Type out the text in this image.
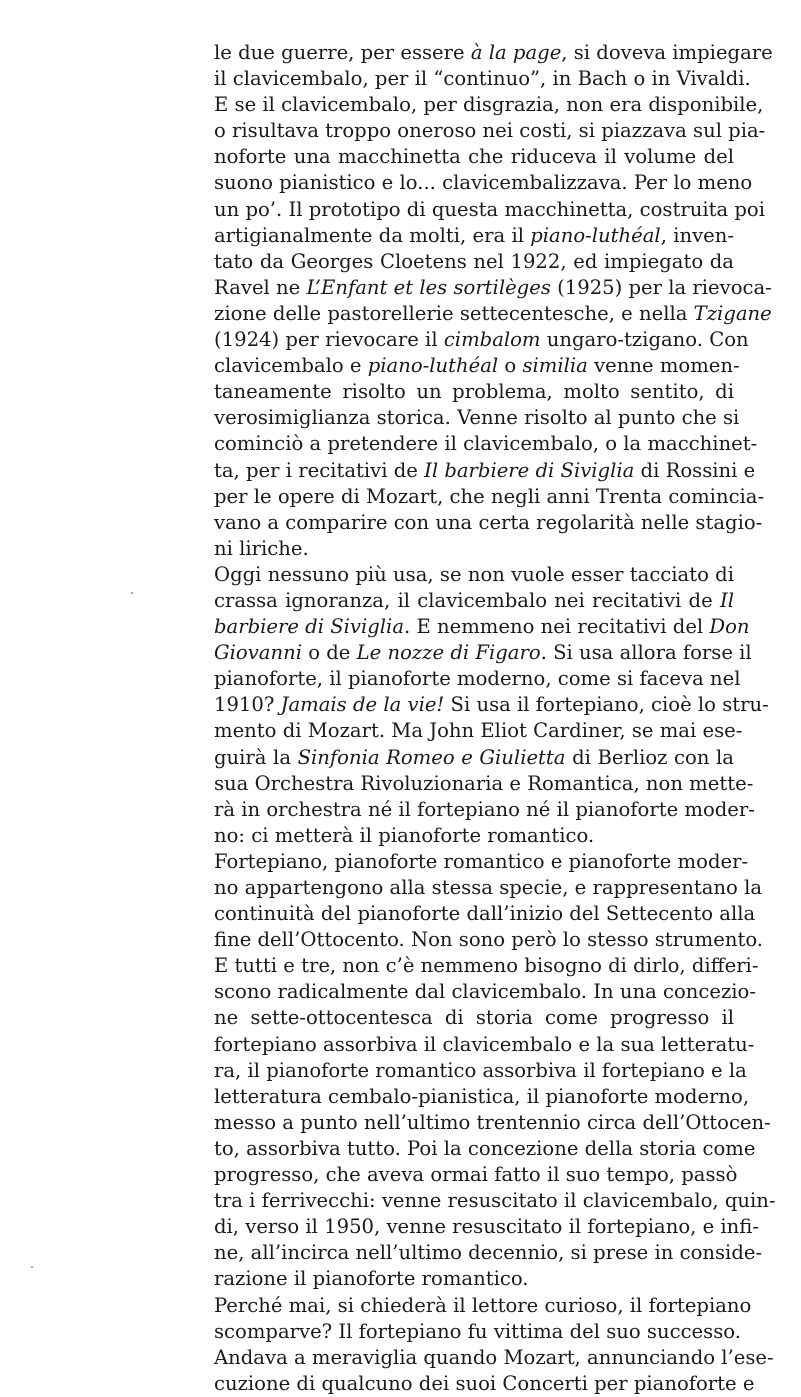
le due guerre, per essere à la page, si doveva impiegare
il clavicembalo, per il “continuo”, in Bach o in Vivaldi.
E se il clavicembalo, per disgrazia, non era disponibile,
o risultava troppo oneroso nei costi, si piazzava sul pia-
noforte una macchinetta che riduceva il volume del
suono pianistico e lo... clavicembalizzava. Per lo meno
un po’. Il prototipo di questa macchinetta, costruita poi
artigianalmente da molti, era il piano-luthéal, inven-
tato da Georges Cloetens nel 1922, ed impiegato da
Ravel ne L’Enfant et les sortilèges (1925) per la rievoca-
zione delle pastorellerie settecentesche, e nella Tzigane
(1924) per rievocare il cimbalom ungaro-tzigano. Con
clavicembalo e piano-luthéal o similia venne momen-
taneamente risolto un problema, molto sentito, di
verosimiglianza storica. Venne risolto al punto che si
cominciò a pretendere il clavicembalo, o la macchinet-
ta, per i recitativi de Il barbiere di Siviglia di Rossini e
per le opere di Mozart, che negli anni Trenta comincia-
vano a comparire con una certa regolarità nelle stagio-
ni liriche.
Oggi nessuno più usa, se non vuole esser tacciato di
crassa ignoranza, il clavicembalo nei recitativi de Il
barbiere di Siviglia. E nemmeno nei recitativi del Don
Giovanni o de Le nozze di Figaro. Si usa allora forse il
pianoforte, il pianoforte moderno, come si faceva nel
1910? Jamais de la vie! Si usa il fortepiano, cioè lo stru-
mento di Mozart. Ma John Eliot Cardiner, se mai ese-
guirà la Sinfonia Romeo e Giulietta di Berlioz con la
sua Orchestra Rivoluzionaria e Romantica, non mette-
rà in orchestra né il fortepiano né il pianoforte moder-
no: ci metterà il pianoforte romantico.
Fortepiano, pianoforte romantico e pianoforte moder-
no appartengono alla stessa specie, e rappresentano la
continuità del pianoforte dall’inizio del Settecento alla
fine dell’Ottocento. Non sono però lo stesso strumento.
E tutti e tre, non c’è nemmeno bisogno di dirlo, differi-
scono radicalmente dal clavicembalo. In una concezio-
ne sette-ottocentesca di storia come progresso il
fortepiano assorbiva il clavicembalo e la sua letteratu-
ra, il pianoforte romantico assorbiva il fortepiano e la
letteratura cembalo-pianistica, il pianoforte moderno,
messo a punto nell’ultimo trentennio circa dell’Ottocen-
to, assorbiva tutto. Poi la concezione della storia come
progresso, che aveva ormai fatto il suo tempo, passò
tra i ferrivecchi: venne resuscitato il clavicembalo, quin-
di, verso il 1950, venne resuscitato il fortepiano, e infi-
ne, all’incirca nell’ultimo decennio, si prese in conside-
razione il pianoforte romantico.
Perché mai, si chiederà il lettore curioso, il fortepiano
scomparve? Il fortepiano fu vittima del suo successo.
Andava a meraviglia quando Mozart, annunciando l’ese-
cuzione di qualcuno dei suoi Concerti per pianoforte e
